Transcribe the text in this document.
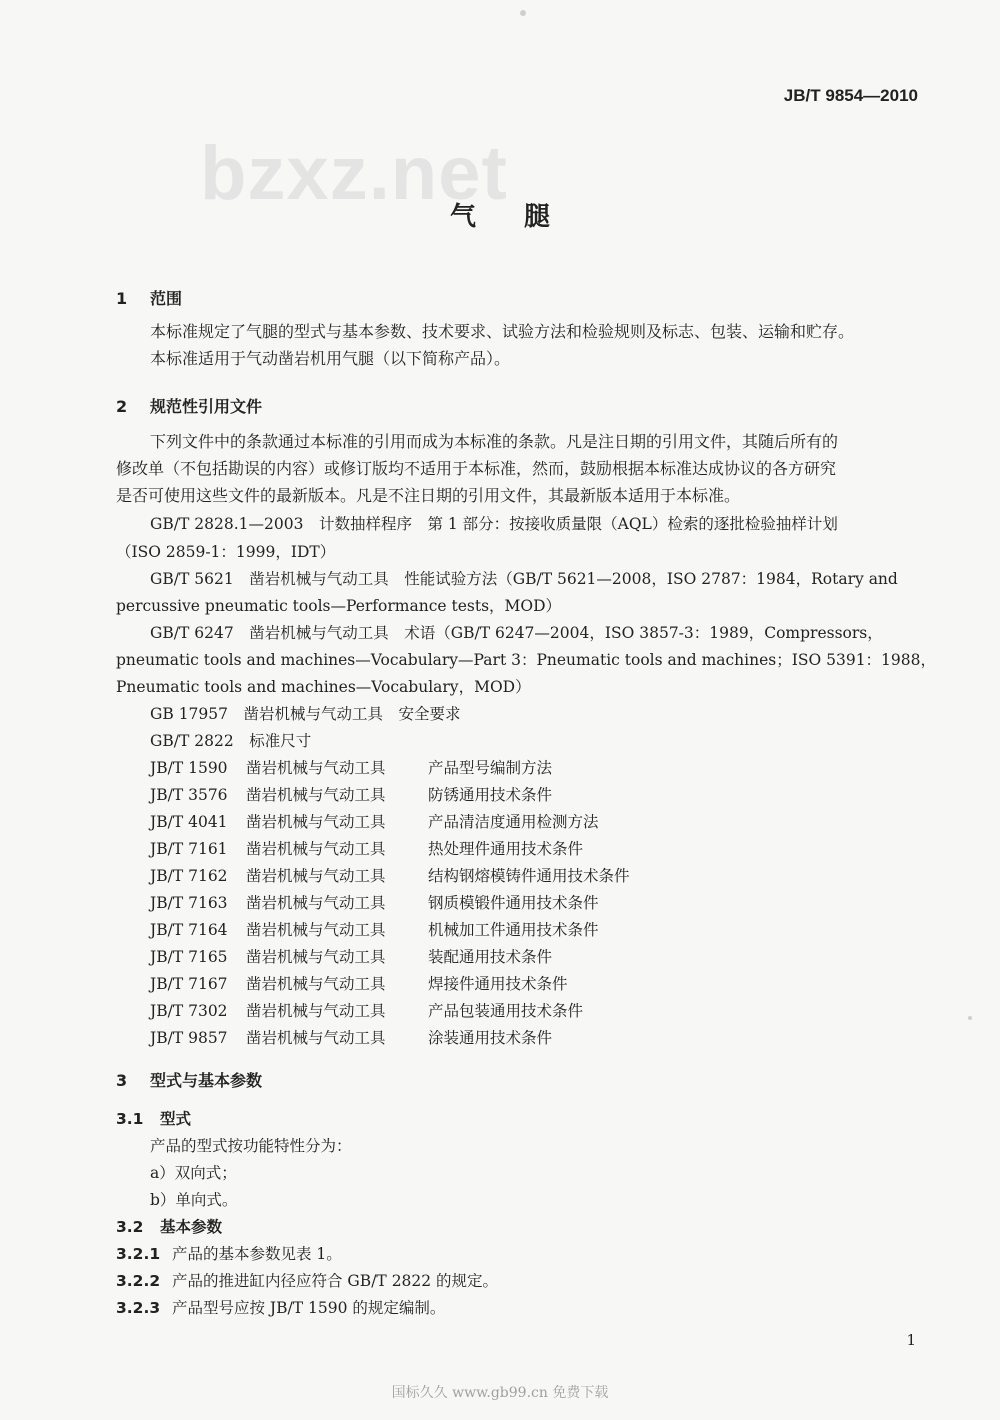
JB/T 9854—2010
bzxz.net
气腿
1 范围
本标准规定了气腿的型式与基本参数、技术要求、试验方法和检验规则及标志、包装、运输和贮存。
本标准适用于气动凿岩机用气腿（以下简称产品）。
2 规范性引用文件
下列文件中的条款通过本标准的引用而成为本标准的条款。凡是注日期的引用文件，其随后所有的
修改单（不包括勘误的内容）或修订版均不适用于本标准，然而，鼓励根据本标准达成协议的各方研究
是否可使用这些文件的最新版本。凡是不注日期的引用文件，其最新版本适用于本标准。
GB/T 2828.1—2003　计数抽样程序　第 1 部分：按接收质量限（AQL）检索的逐批检验抽样计划
（ISO 2859-1：1999，IDT）
GB/T 5621　凿岩机械与气动工具　性能试验方法（GB/T 5621—2008，ISO 2787：1984，Rotary and
percussive pneumatic tools—Performance tests，MOD）
GB/T 6247　凿岩机械与气动工具　术语（GB/T 6247—2004，ISO 3857-3：1989，Compressors，
pneumatic tools and machines—Vocabulary—Part 3：Pneumatic tools and machines；ISO 5391：1988，
Pneumatic tools and machines—Vocabulary，MOD）
GB 17957　凿岩机械与气动工具　安全要求
GB/T 2822　标准尺寸
JB/T 1590 凿岩机械与气动工具	产品型号编制方法
JB/T 3576 凿岩机械与气动工具	防锈通用技术条件
JB/T 4041 凿岩机械与气动工具	产品清洁度通用检测方法
JB/T 7161 凿岩机械与气动工具	热处理件通用技术条件
JB/T 7162 凿岩机械与气动工具	结构钢熔模铸件通用技术条件
JB/T 7163 凿岩机械与气动工具	钢质模锻件通用技术条件
JB/T 7164 凿岩机械与气动工具	机械加工件通用技术条件
JB/T 7165 凿岩机械与气动工具	装配通用技术条件
JB/T 7167 凿岩机械与气动工具	焊接件通用技术条件
JB/T 7302 凿岩机械与气动工具	产品包装通用技术条件
JB/T 9857 凿岩机械与气动工具	涂装通用技术条件
3 型式与基本参数
3.1 型式
产品的型式按功能特性分为：
a）双向式；
b）单向式。
3.2 基本参数
3.2.1 产品的基本参数见表 1。
3.2.2 产品的推进缸内径应符合 GB/T 2822 的规定。
3.2.3 产品型号应按 JB/T 1590 的规定编制。
1
国标久久 www.gb99.cn 免费下载
